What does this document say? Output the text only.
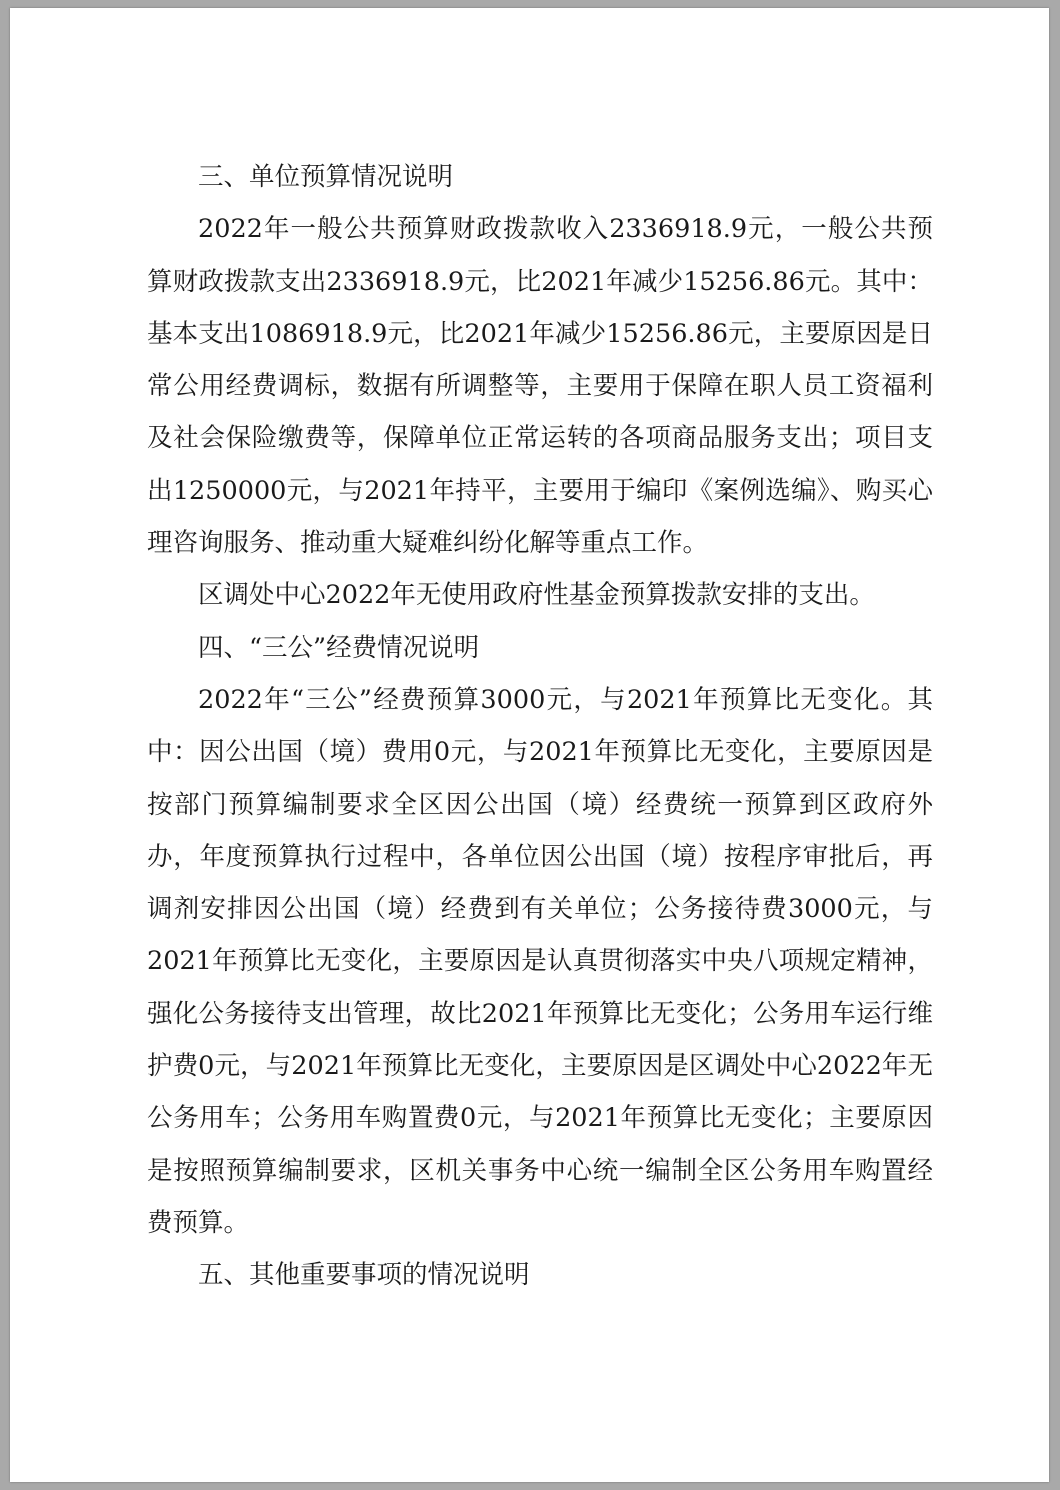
三、单位预算情况说明

2022年一般公共预算财政拨款收入2336918.9元，一般公共预算财政拨款支出2336918.9元，比2021年减少15256.86元。其中：基本支出1086918.9元，比2021年减少15256.86元，主要原因是日常公用经费调标，数据有所调整等，主要用于保障在职人员工资福利及社会保险缴费等，保障单位正常运转的各项商品服务支出；项目支出1250000元，与2021年持平，主要用于编印《案例选编》、购买心理咨询服务、推动重大疑难纠纷化解等重点工作。

区调处中心2022年无使用政府性基金预算拨款安排的支出。

四、“三公”经费情况说明

2022年“三公”经费预算3000元，与2021年预算比无变化。其中：因公出国（境）费用0元，与2021年预算比无变化，主要原因是按部门预算编制要求全区因公出国（境）经费统一预算到区政府外办，年度预算执行过程中，各单位因公出国（境）按程序审批后，再调剂安排因公出国（境）经费到有关单位；公务接待费3000元，与2021年预算比无变化，主要原因是认真贯彻落实中央八项规定精神，强化公务接待支出管理，故比2021年预算比无变化；公务用车运行维护费0元，与2021年预算比无变化，主要原因是区调处中心2022年无公务用车；公务用车购置费0元，与2021年预算比无变化；主要原因是按照预算编制要求，区机关事务中心统一编制全区公务用车购置经费预算。

五、其他重要事项的情况说明
